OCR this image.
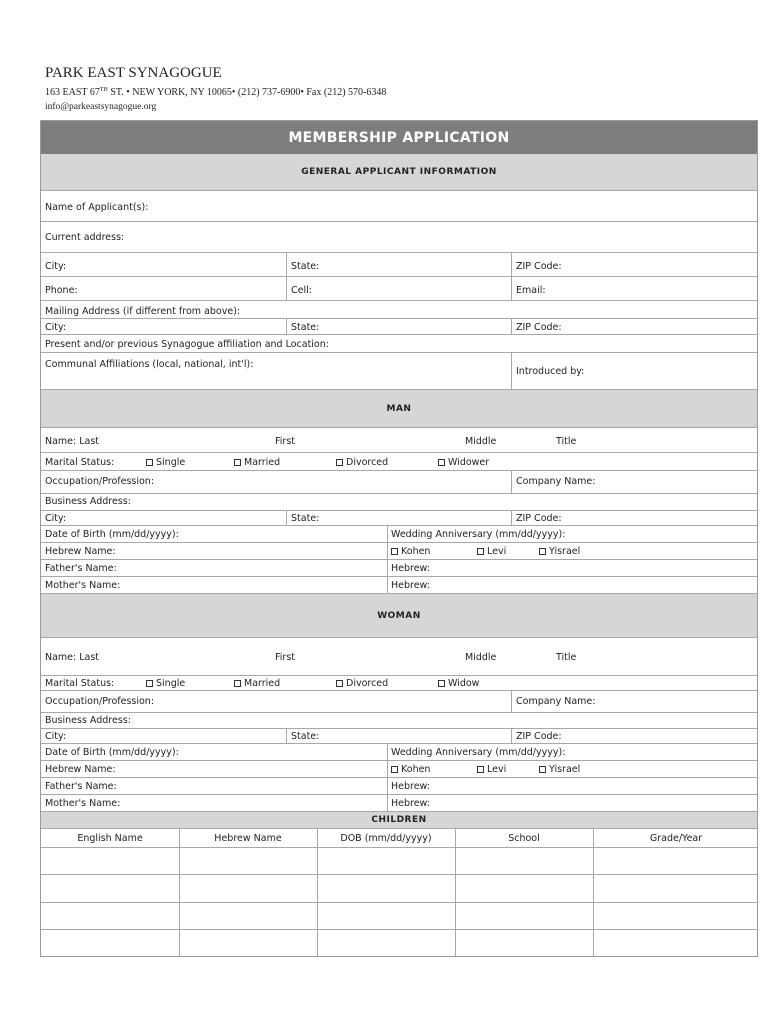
PARK EAST SYNAGOGUE
163 EAST 67TH ST. • NEW YORK, NY 10065• (212) 737-6900• Fax (212) 570-6348
info@parkeastsynagogue.org
MEMBERSHIP APPLICATION
GENERAL APPLICANT INFORMATION
Name of Applicant(s):
Current address:
City:	State:	ZIP Code:
Phone:	Cell:	Email:
Mailing Address (if different from above):
City:	State:	ZIP Code:
Present and/or previous Synagogue affiliation and Location:
Communal Affiliations (local, national, int'l):
Introduced by:
MAN
Name: Last	First	Middle	Title
Marital Status:	Single	Married	Divorced	Widower
Occupation/Profession:	Company Name:
Business Address:
City:	State:	ZIP Code:
Date of Birth (mm/dd/yyyy):	Wedding Anniversary (mm/dd/yyyy):
Hebrew Name:	Kohen	Levi	Yisrael
Father's Name:	Hebrew:
Mother's Name:	Hebrew:
WOMAN
Name: Last	First	Middle	Title
Marital Status:	Single	Married	Divorced	Widow
Occupation/Profession:	Company Name:
Business Address:
City:	State:	ZIP Code:
Date of Birth (mm/dd/yyyy):	Wedding Anniversary (mm/dd/yyyy):
Hebrew Name:	Kohen	Levi	Yisrael
Father's Name:	Hebrew:
Mother's Name:	Hebrew:
CHILDREN
English Name	Hebrew Name	DOB (mm/dd/yyyy)	School	Grade/Year
